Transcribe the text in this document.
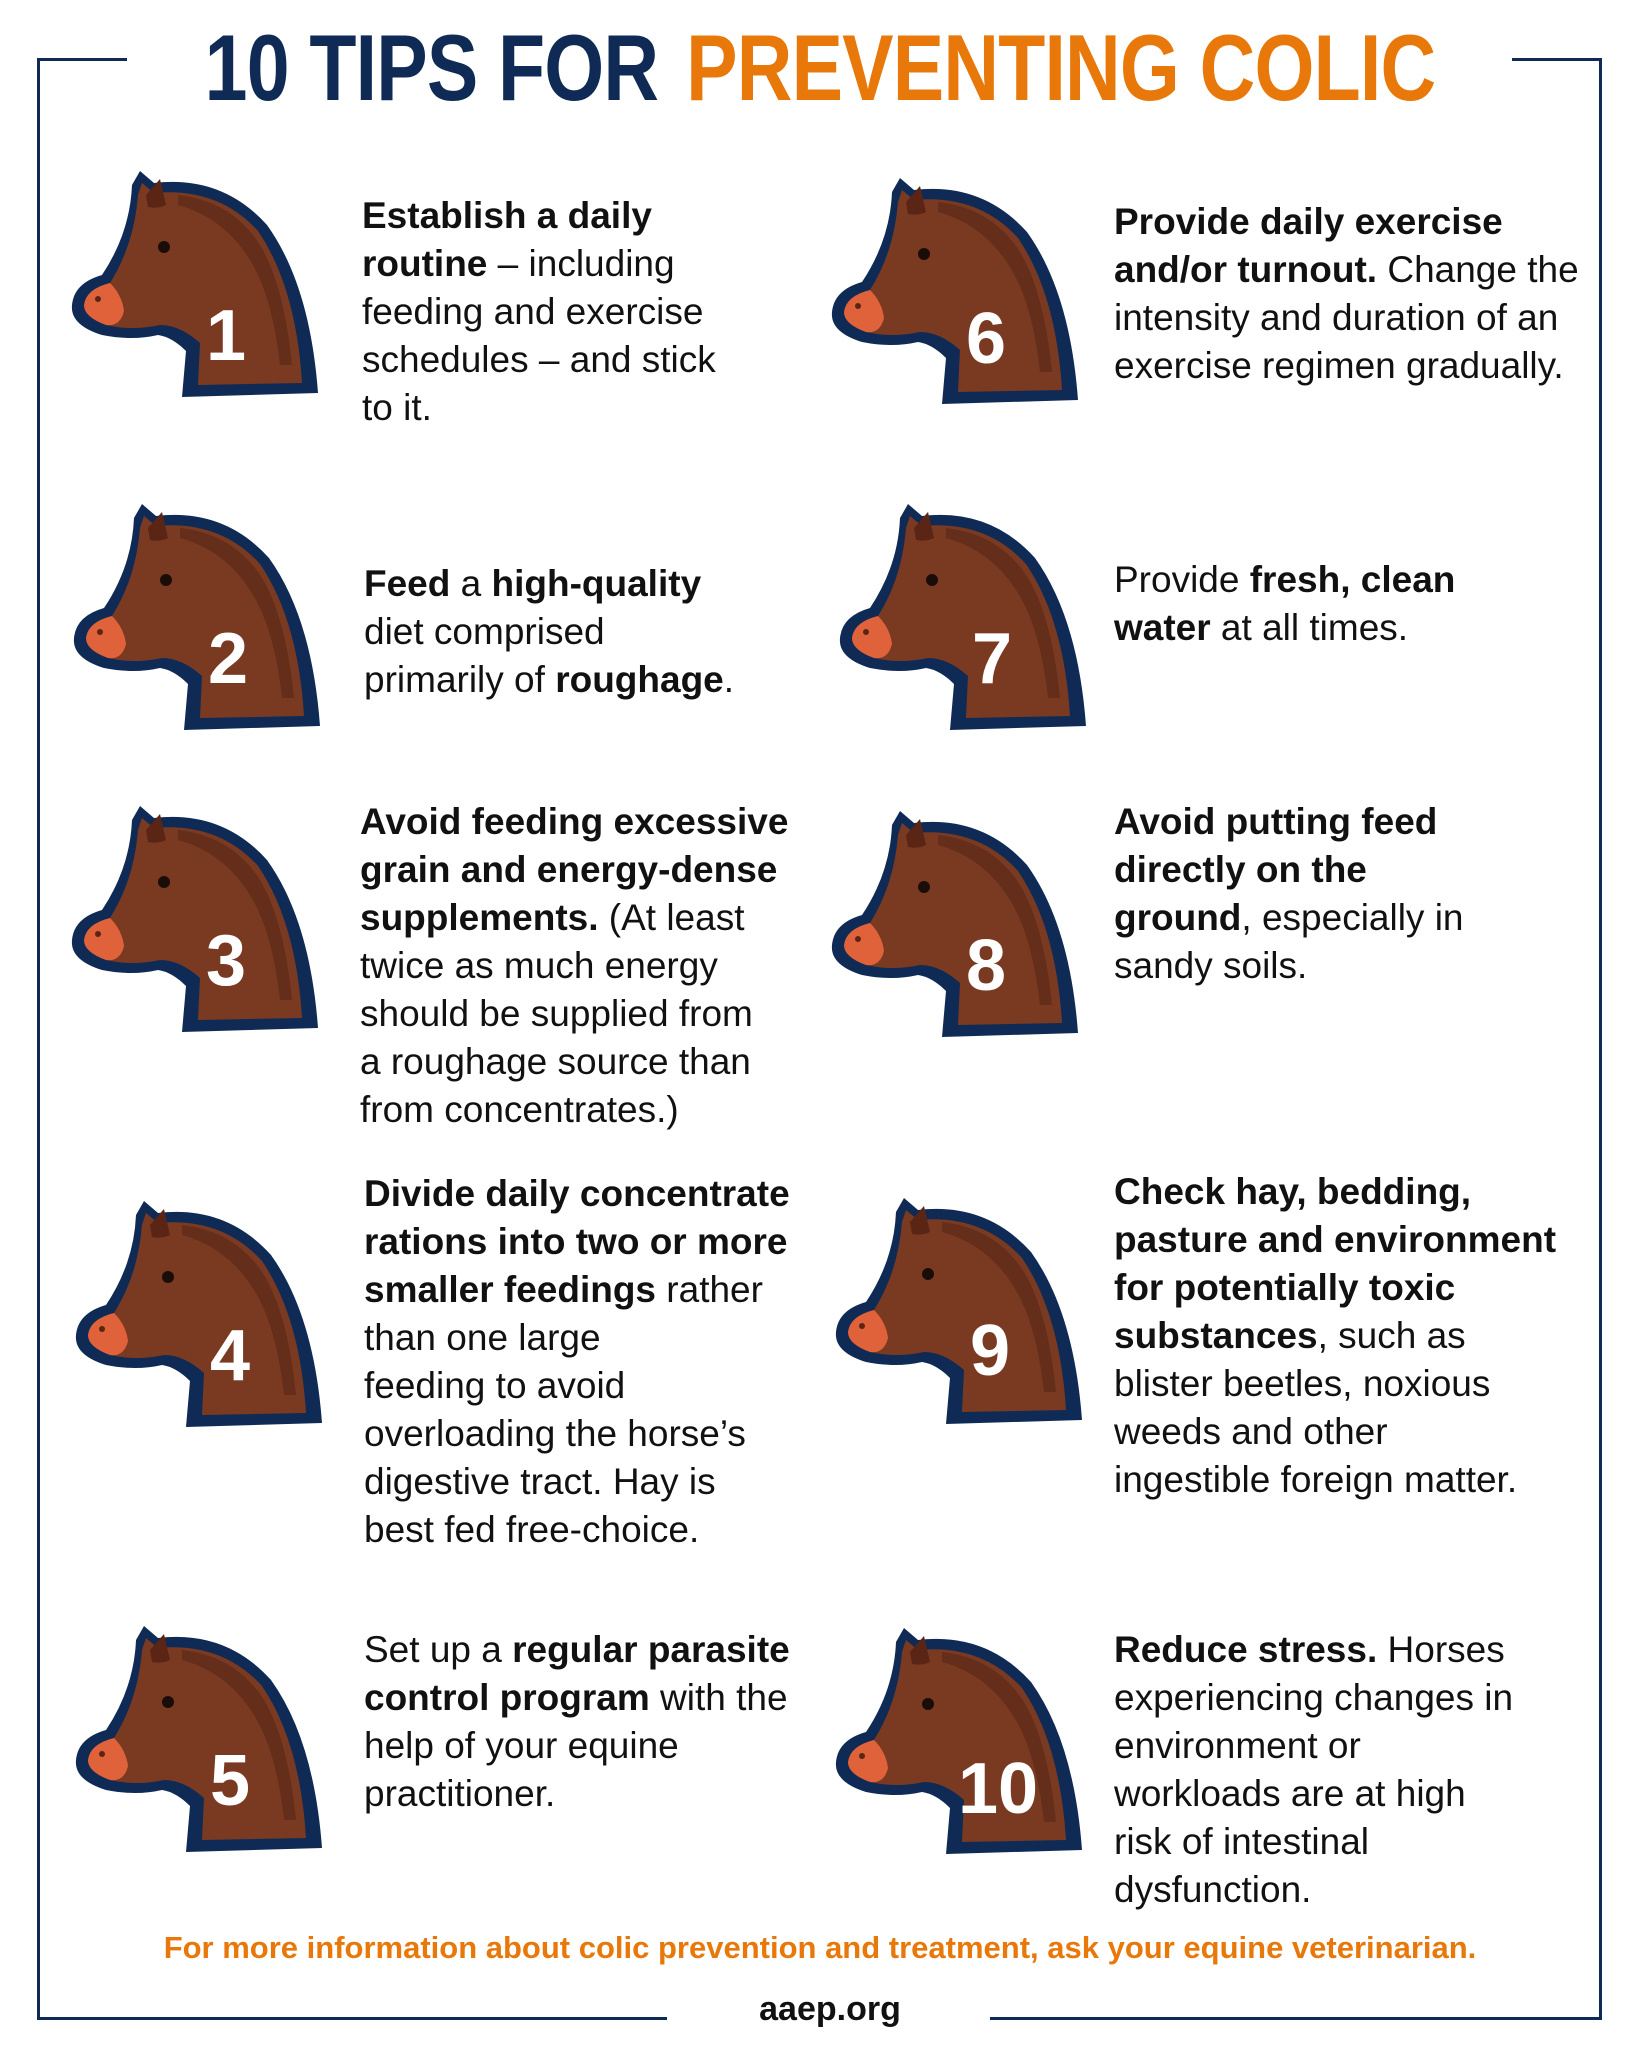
10 TIPS FOR PREVENTING COLIC
1
Establish a daily
routine – including
feeding and exercise
schedules – and stick
to it.
2
Feed a high-quality
diet comprised
primarily of roughage.
3
Avoid feeding excessive
grain and energy-dense
supplements. (At least
twice as much energy
should be supplied from
a roughage source than
from concentrates.)
4
Divide daily concentrate
rations into two or more
smaller feedings rather
than one large
feeding to avoid
overloading the horse’s
digestive tract. Hay is
best fed free-choice.
5
Set up a regular parasite
control program with the
help of your equine
practitioner.
6
Provide daily exercise
and/or turnout. Change the
intensity and duration of an
exercise regimen gradually.
7
Provide fresh, clean
water at all times.
8
Avoid putting feed
directly on the
ground, especially in
sandy soils.
9
Check hay, bedding,
pasture and environment
for potentially toxic
substances, such as
blister beetles, noxious
weeds and other
ingestible foreign matter.
10
Reduce stress. Horses
experiencing changes in
environment or
workloads are at high
risk of intestinal
dysfunction.
For more information about colic prevention and treatment, ask your equine veterinarian.
aaep.org
